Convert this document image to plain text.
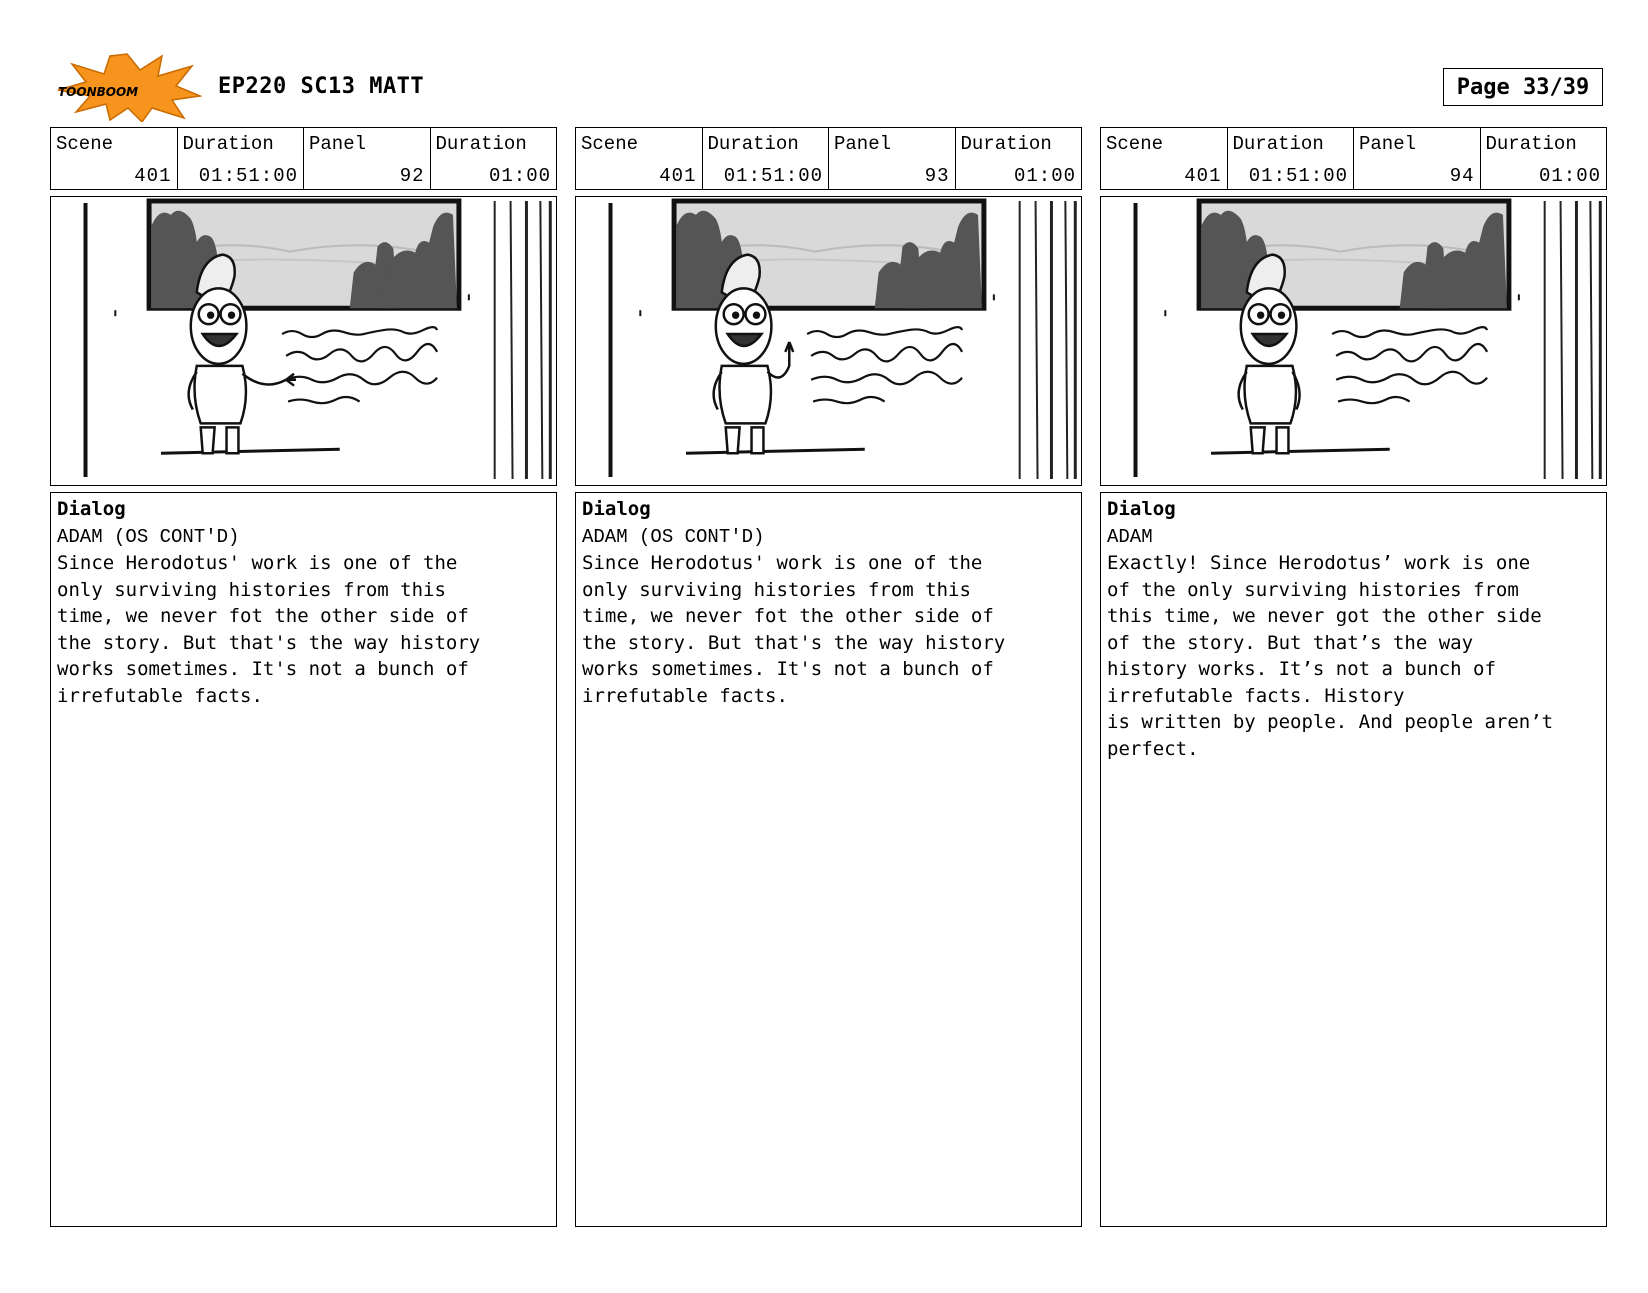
TOONBOOM	EP220 SC13 MATT	Page 33/39
Scene
401
Duration
01:51:00
Panel
92
Duration
01:00
Dialog
ADAM (OS CONT'D)
Since Herodotus' work is one of the
only surviving histories from this
time, we never fot the other side of
the story. But that's the way history
works sometimes. It's not a bunch of
irrefutable facts.
Scene
401
Duration
01:51:00
Panel
93
Duration
01:00
Dialog
ADAM (OS CONT'D)
Since Herodotus' work is one of the
only surviving histories from this
time, we never fot the other side of
the story. But that's the way history
works sometimes. It's not a bunch of
irrefutable facts.
Scene
401
Duration
01:51:00
Panel
94
Duration
01:00
Dialog
ADAM
Exactly! Since Herodotus’ work is one
of the only surviving histories from
this time, we never got the other side
of the story. But that’s the way
history works. It’s not a bunch of
irrefutable facts. History
is written by people. And people aren’t
perfect.
